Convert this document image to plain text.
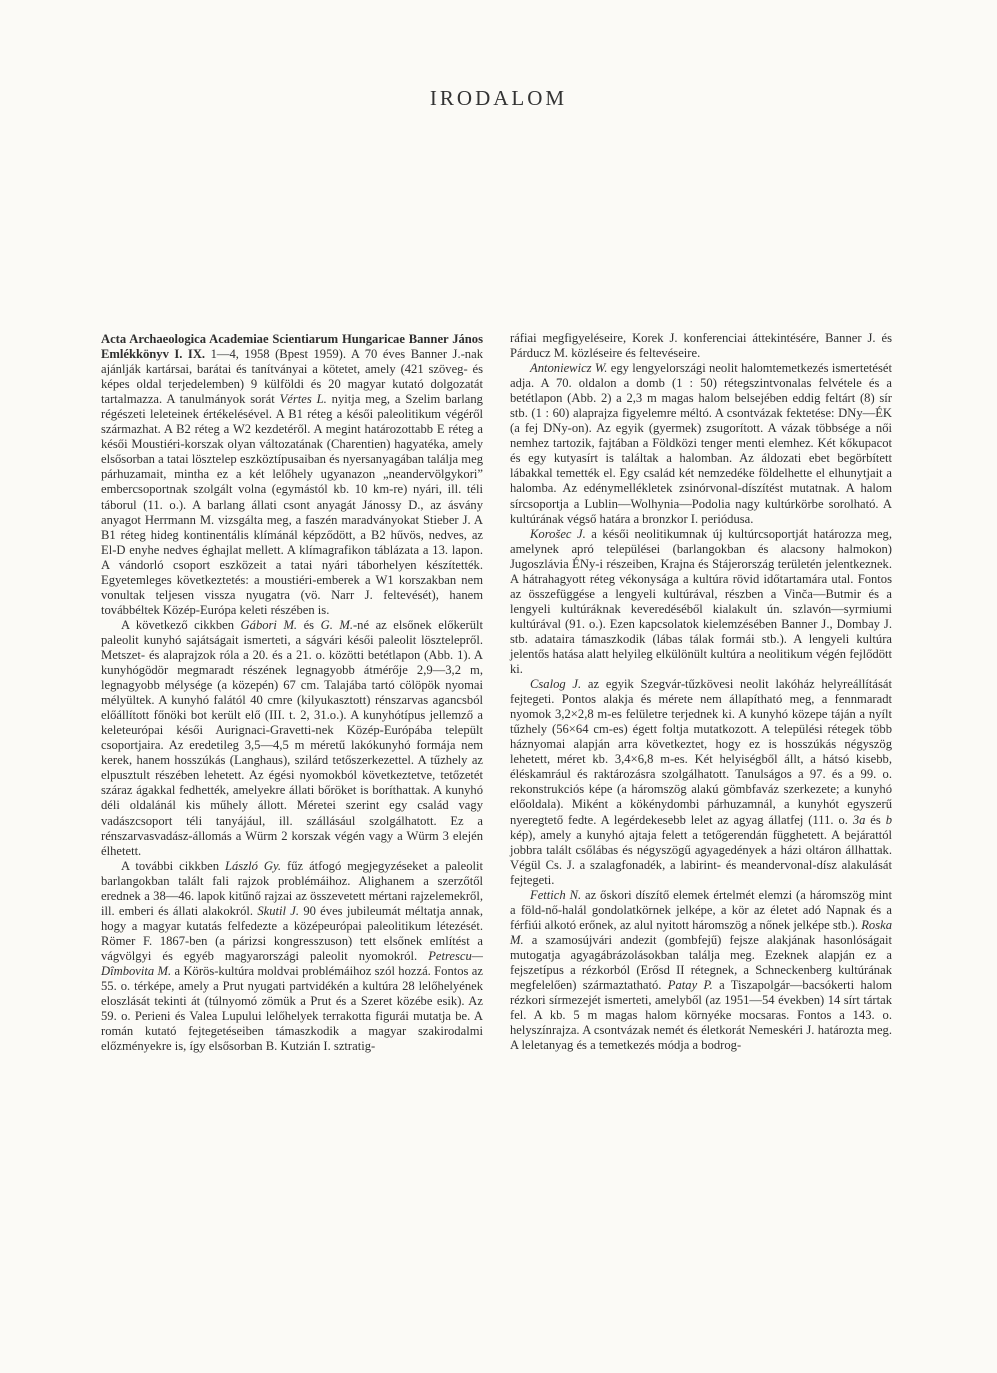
IRODALOM

Acta Archaeologica Academiae Scientiarum Hungaricae Banner János Emlékkönyv I. IX. 1—4, 1958 (Bpest 1959). A 70 éves Banner J.-nak ajánlják kartársai, barátai és tanítványai a kötetet, amely (421 szöveg- és képes oldal terjedelemben) 9 külföldi és 20 magyar kutató dolgozatát tartalmazza. A tanulmányok sorát Vértes L. nyitja meg, a Szelim barlang régészeti leleteinek értékelésével. A B1 réteg a késői paleolitikum végéről származhat. A B2 réteg a W2 kezdetéről. A megint határozottabb E réteg a késői Moustiéri-korszak olyan változatának (Charentien) hagyatéka, amely elsősorban a tatai lösztelep eszköztípusaiban és nyersanyagában találja meg párhuzamait, mintha ez a két lelőhely ugyanazon „neandervölgykori” embercsoportnak szolgált volna (egymástól kb. 10 km-re) nyári, ill. téli táborul (11. o.). A barlang állati csont anyagát Jánossy D., az ásvány anyagot Herrmann M. vizsgálta meg, a faszén maradványokat Stieber J. A B1 réteg hideg kontinentális klímánál képződött, a B2 hűvös, nedves, az El-D enyhe nedves éghajlat mellett. A klímagrafikon táblázata a 13. lapon. A vándorló csoport eszközeit a tatai nyári táborhelyen készítették. Egyetemleges következtetés: a moustiéri-emberek a W1 korszakban nem vonultak teljesen vissza nyugatra (vö. Narr J. feltevését), hanem továbbéltek Közép-Európa keleti részében is.

A következő cikkben Gábori M. és G. M.-né az elsőnek előkerült paleolit kunyhó sajátságait ismerteti, a ságvári késői paleolit lösztelepről. Metszet- és alaprajzok róla a 20. és a 21. o. közötti betétlapon (Abb. 1). A kunyhógödör megmaradt részének legnagyobb átmérője 2,9—3,2 m, legnagyobb mélysége (a közepén) 67 cm. Talajába tartó cölöpök nyomai mélyültek. A kunyhó falától 40 cmre (kilyukasztott) rénszarvas agancsból előállított főnöki bot került elő (III. t. 2, 31.o.). A kunyhótípus jellemző a keleteurópai késői Aurignaci-Gravetti-nek Közép-Európába települt csoportjaira. Az eredetileg 3,5—4,5 m méretű lakókunyhó formája nem kerek, hanem hosszúkás (Langhaus), szilárd tetőszerkezettel. A tűzhely az elpusztult részében lehetett. Az égési nyomokból következtetve, tetőzetét száraz ágakkal fedhették, amelyekre állati bőröket is boríthattak. A kunyhó déli oldalánál kis műhely állott. Méretei szerint egy család vagy vadászcsoport téli tanyájául, ill. szállásául szolgálhatott. Ez a rénszarvasvadász-állomás a Würm 2 korszak végén vagy a Würm 3 elején élhetett.

A további cikkben László Gy. fűz átfogó megjegyzéseket a paleolit barlangokban talált fali rajzok problémáihoz. Alighanem a szerzőtől erednek a 38—46. lapok kitűnő rajzai az összevetett mértani rajzelemekről, ill. emberi és állati alakokról. Skutil J. 90 éves jubileumát méltatja annak, hogy a magyar kutatás felfedezte a középeurópai paleolitikum létezését. Römer F. 1867-ben (a párizsi kongresszuson) tett elsőnek említést a vágvölgyi és egyéb magyarországi paleolit nyomokról. Petrescu—Dîmbovita M. a Körös-kultúra moldvai problémáihoz szól hozzá. Fontos az 55. o. térképe, amely a Prut nyugati partvidékén a kultúra 28 lelőhelyének eloszlását tekinti át (túlnyomó zömük a Prut és a Szeret közébe esik). Az 59. o. Perieni és Valea Lupului lelőhelyek terrakotta figurái mutatja be. A román kutató fejtegetéseiben támaszkodik a magyar szakirodalmi előzményekre is, így elsősorban B. Kutzián I. sztratig-

ráfiai megfigyeléseire, Korek J. konferenciai áttekintésére, Banner J. és Párducz M. közléseire és feltevéseire.

Antoniewicz W. egy lengyelországi neolit halomtemetkezés ismertetését adja. A 70. oldalon a domb (1 : 50) rétegszintvonalas felvétele és a betétlapon (Abb. 2) a 2,3 m magas halom belsejében eddig feltárt (8) sír stb. (1 : 60) alaprajza figyelemre méltó. A csontvázak fektetése: DNy—ÉK (a fej DNy-on). Az egyik (gyermek) zsugorított. A vázak többsége a női nemhez tartozik, fajtában a Földközi tenger menti elemhez. Két kőkupacot és egy kutyasírt is találtak a halomban. Az áldozati ebet begörbített lábakkal temették el. Egy család két nemzedéke földelhette el elhunytjait a halomba. Az edénymellékletek zsinórvonal-díszítést mutatnak. A halom sírcsoportja a Lublin—Wolhynia—Podolia nagy kultúrkörbe sorolható. A kultúrának végső határa a bronzkor I. periódusa.

Korošec J. a késői neolitikumnak új kultúrcsoportját határozza meg, amelynek apró települései (barlangokban és alacsony halmokon) Jugoszlávia ÉNy-i részeiben, Krajna és Stájerország területén jelentkeznek. A hátrahagyott réteg vékonysága a kultúra rövid időtartamára utal. Fontos az összefüggése a lengyeli kultúrával, részben a Vinča—Butmir és a lengyeli kultúráknak keveredéséből kialakult ún. szlavón—syrmiumi kultúrával (91. o.). Ezen kapcsolatok kielemzésében Banner J., Dombay J. stb. adataira támaszkodik (lábas tálak formái stb.). A lengyeli kultúra jelentős hatása alatt helyileg elkülönült kultúra a neolitikum végén fejlődött ki.

Csalog J. az egyik Szegvár-tűzkövesi neolit lakóház helyreállítását fejtegeti. Pontos alakja és mérete nem állapítható meg, a fennmaradt nyomok 3,2×2,8 m-es felületre terjednek ki. A kunyhó közepe táján a nyílt tűzhely (56×64 cm-es) égett foltja mutatkozott. A települési rétegek több háznyomai alapján arra következtet, hogy ez is hosszúkás négyszög lehetett, méret kb. 3,4×6,8 m-es. Két helyiségből állt, a hátsó kisebb, éléskamrául és raktározásra szolgálhatott. Tanulságos a 97. és a 99. o. rekonstrukciós képe (a háromszög alakú gömbfaváz szerkezete; a kunyhó előoldala). Miként a kökénydombi párhuzamnál, a kunyhót egyszerű nyeregtető fedte. A legérdekesebb lelet az agyag állatfej (111. o. 3a és b kép), amely a kunyhó ajtaja felett a tetőgerendán függhetett. A bejárattól jobbra talált csőlábas és négyszögű agyagedények a házi oltáron állhattak. Végül Cs. J. a szalagfonadék, a labirint- és meandervonal-dísz alakulását fejtegeti.

Fettich N. az őskori díszítő elemek értelmét elemzi (a háromszög mint a föld-nő-halál gondolatkörnek jelképe, a kör az életet adó Napnak és a férfiúi alkotó erőnek, az alul nyitott háromszög a nőnek jelképe stb.). Roska M. a szamosújvári andezit (gombfejű) fejsze alakjának hasonlóságait mutogatja agyagábrázolásokban találja meg. Ezeknek alapján ez a fejszetípus a rézkorból (Erősd II rétegnek, a Schneckenberg kultúrának megfelelően) származtatható. Patay P. a Tiszapolgár—bacsókerti halom rézkori sírmezejét ismerteti, amelyből (az 1951—54 években) 14 sírt tártak fel. A kb. 5 m magas halom környéke mocsaras. Fontos a 143. o. helyszínrajza. A csontvázak nemét és életkorát Nemeskéri J. határozta meg. A leletanyag és a temetkezés módja a bodrog-
